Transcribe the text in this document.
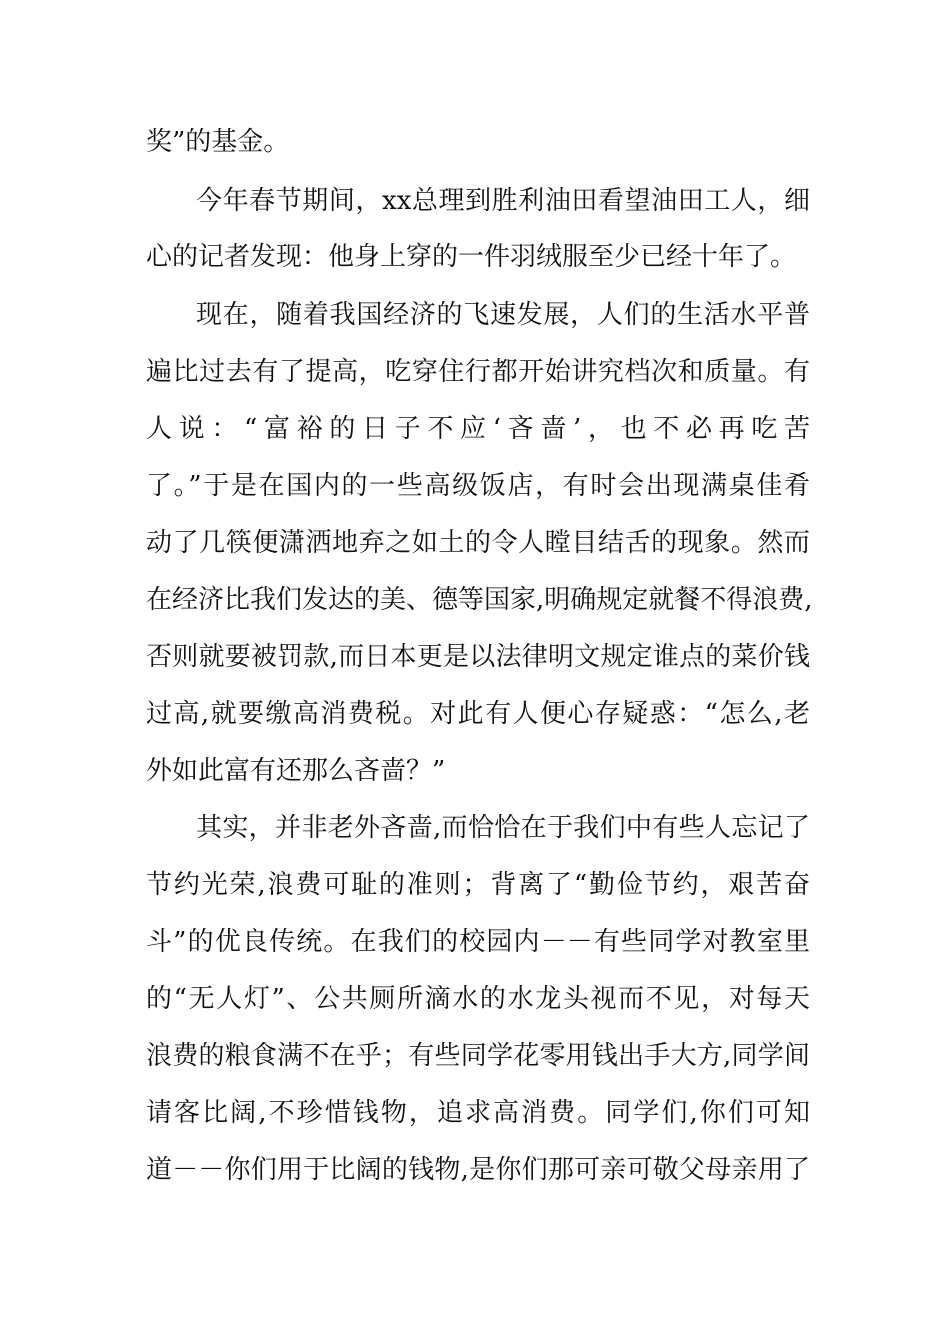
奖”的基金。
今年春节期间，xx总理到胜利油田看望油田工人，细
心的记者发现：他身上穿的一件羽绒服至少已经十年了。
现在，随着我国经济的飞速发展，人们的生活水平普
遍比过去有了提高，吃穿住行都开始讲究档次和质量。有
人说：“富裕的日子不应‘吝啬’，也不必再吃苦
了。”于是在国内的一些高级饭店，有时会出现满桌佳肴
动了几筷便潇洒地弃之如土的令人瞠目结舌的现象。然而
在经济比我们发达的美、德等国家,明确规定就餐不得浪费,
否则就要被罚款,而日本更是以法律明文规定谁点的菜价钱
过高,就要缴高消费税。对此有人便心存疑惑：“怎么,老
外如此富有还那么吝啬？”
其实，并非老外吝啬,而恰恰在于我们中有些人忘记了
节约光荣,浪费可耻的准则；背离了“勤俭节约，艰苦奋
斗”的优良传统。在我们的校园内－－有些同学对教室里
的“无人灯”、公共厕所滴水的水龙头视而不见，对每天
浪费的粮食满不在乎；有些同学花零用钱出手大方,同学间
请客比阔,不珍惜钱物，追求高消费。同学们,你们可知
道－－你们用于比阔的钱物,是你们那可亲可敬父母亲用了
